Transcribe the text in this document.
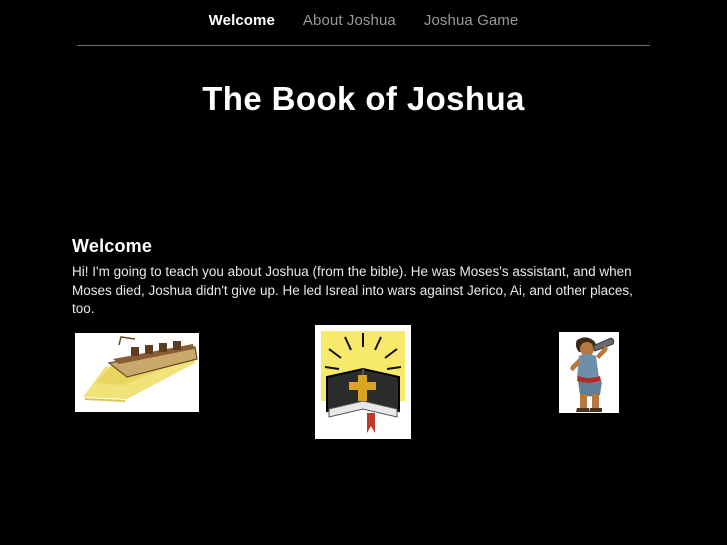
Welcome	About Joshua	Joshua Game
The Book of Joshua
Welcome

Hi! I'm going to teach you about Joshua (from the bible). He was Moses's assistant, and when Moses died, Joshua didn't give up. He led Isreal into wars against Jerico, Ai, and other places, too.
